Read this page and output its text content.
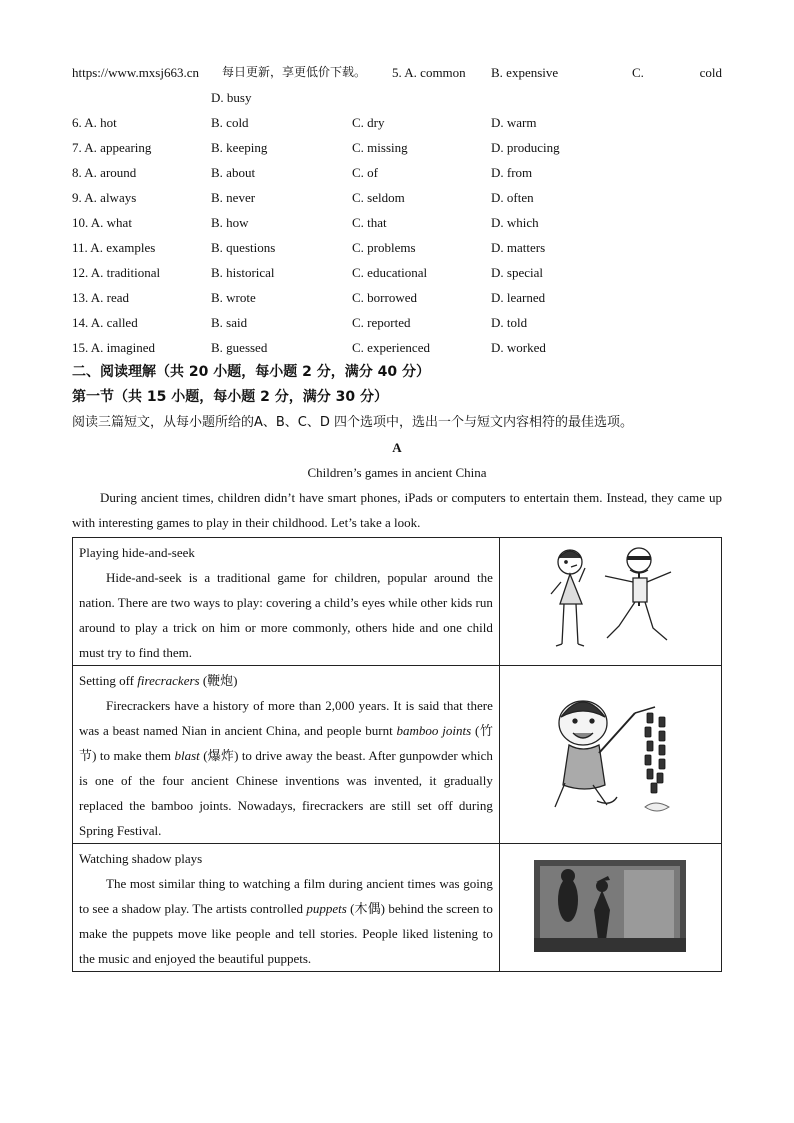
https://www.mxsj663.cn 每日更新，享更低价下载。 5. A. common B. expensive	C.	cold
D. busy
6. A. hot	B. cold	C. dry	D. warm
7. A. appearing	B. keeping	C. missing	D. producing
8. A. around	B. about	C. of	D. from
9. A. always	B. never	C. seldom	D. often
10. A. what	B. how	C. that	D. which
11. A. examples	B. questions	C. problems	D. matters
12. A. traditional	B. historical	C. educational	D. special
13. A. read	B. wrote	C. borrowed	D. learned
14. A. called	B. said	C. reported	D. told
15. A. imagined	B. guessed	C. experienced	D. worked
二、阅读理解（共 20 小题，每小题 2 分，满分 40 分）
第一节（共 15 小题，每小题 2 分，满分 30 分）
阅读三篇短文，从每小题所给的A、B、C、D 四个选项中，选出一个与短文内容相符的最佳选项。
A
Children’s games in ancient China
During ancient times, children didn’t have smart phones, iPads or computers to entertain them. Instead, they came up with interesting games to play in their childhood. Let’s take a look.
Playing hide-and-seek
Hide-and-seek is a traditional game for children, popular around the nation. There are two ways to play: covering a child’s eyes while other kids run around to play a trick on him or more commonly, others hide and one child must try to find them.

Setting off firecrackers (鞭炮)
Firecrackers have a history of more than 2,000 years. It is said that there was a beast named Nian in ancient China, and people burnt bamboo joints (竹节) to make them blast (爆炸) to drive away the beast. After gunpowder which is one of the four ancient Chinese inventions was invented, it gradually replaced the bamboo joints. Nowadays, firecrackers are still set off during Spring Festival.

Watching shadow plays
The most similar thing to watching a film during ancient times was going to see a shadow play. The artists controlled puppets (木偶) behind the screen to make the puppets move like people and tell stories. People liked listening to the music and enjoyed the beautiful puppets.
